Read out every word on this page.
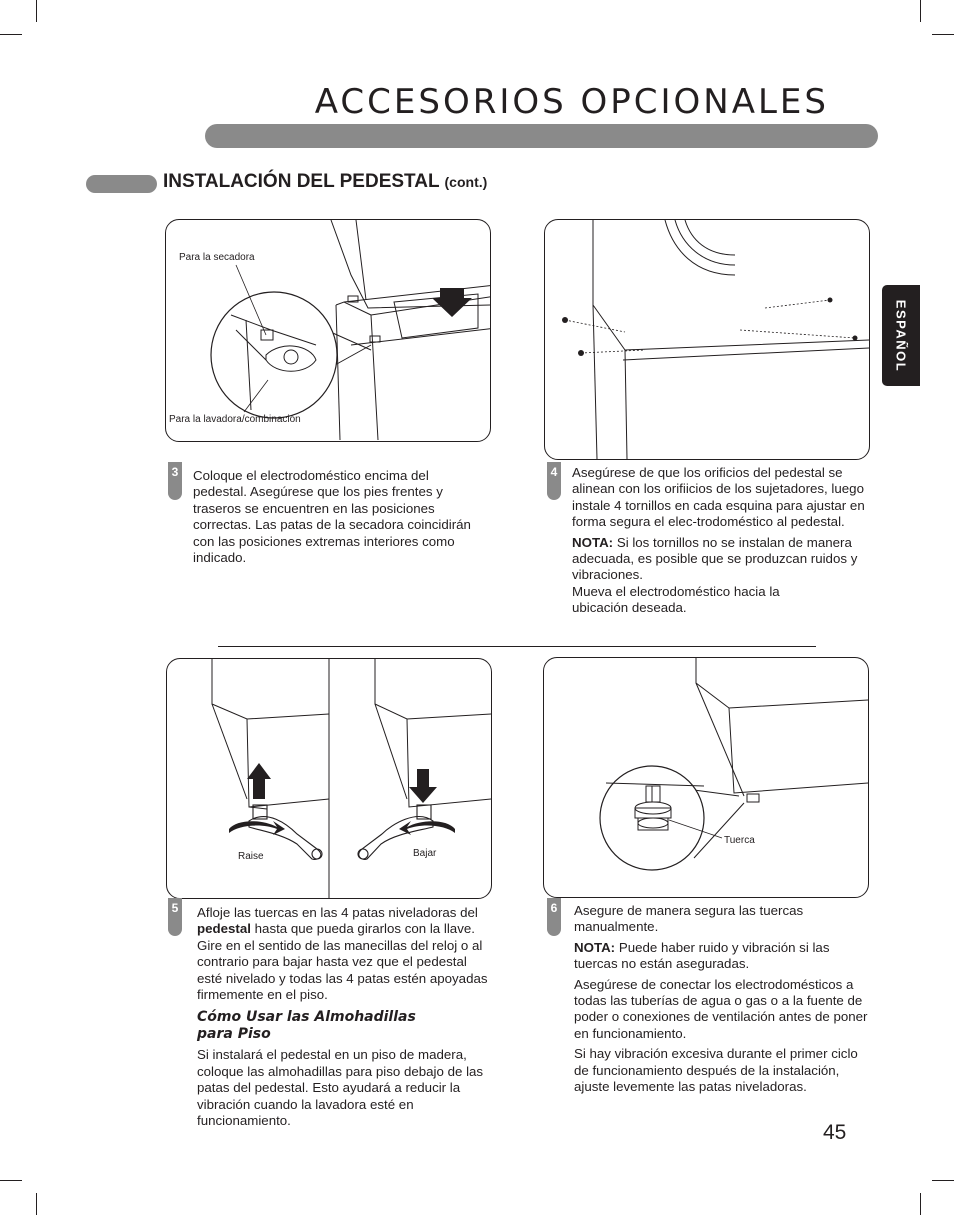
ACCESORIOS OPCIONALES
INSTALACIÓN DEL PEDESTAL (cont.)
ESPAÑOL
Para la secadora
Para la lavadora/combinación
3 Coloque el electrodoméstico encima del pedestal. Asegúrese que los pies frentes y traseros se encuentren en las posiciones correctas. Las patas de la secadora coincidirán con las posiciones extremas interiores como indicado.
4 Asegúrese de que los orificios del pedestal se alinean con los orifiicios de los sujetadores, luego instale 4 tornillos en cada esquina para ajustar en forma segura el elec-trodoméstico al pedestal.

NOTA: Si los tornillos no se instalan de manera adecuada, es posible que se produzcan ruidos y vibraciones.

Mueva el electrodoméstico hacia la ubicación deseada.

Raise	Bajar
Tuerca
5 Afloje las tuercas en las 4 patas niveladoras del pedestal hasta que pueda girarlos con la llave. Gire en el sentido de las manecillas del reloj o al contrario para bajar hasta vez que el pedestal esté nivelado y todas las 4 patas estén apoyadas firmemente en el piso.

Cómo Usar las Almohadillas para Piso

Si instalará el pedestal en un piso de madera, coloque las almohadillas para piso debajo de las patas del pedestal. Esto ayudará a reducir la vibración cuando la lavadora esté en funcionamiento.

6 Asegure de manera segura las tuercas manualmente.

NOTA: Puede haber ruido y vibración si las tuercas no están aseguradas.

Asegúrese de conectar los electrodomésticos a todas las tuberías de agua o gas o a la fuente de poder o conexiones de ventilación antes de poner en funcionamiento.

Si hay vibración excesiva durante el primer ciclo de funcionamiento después de la instalación, ajuste levemente las patas niveladoras.

45
